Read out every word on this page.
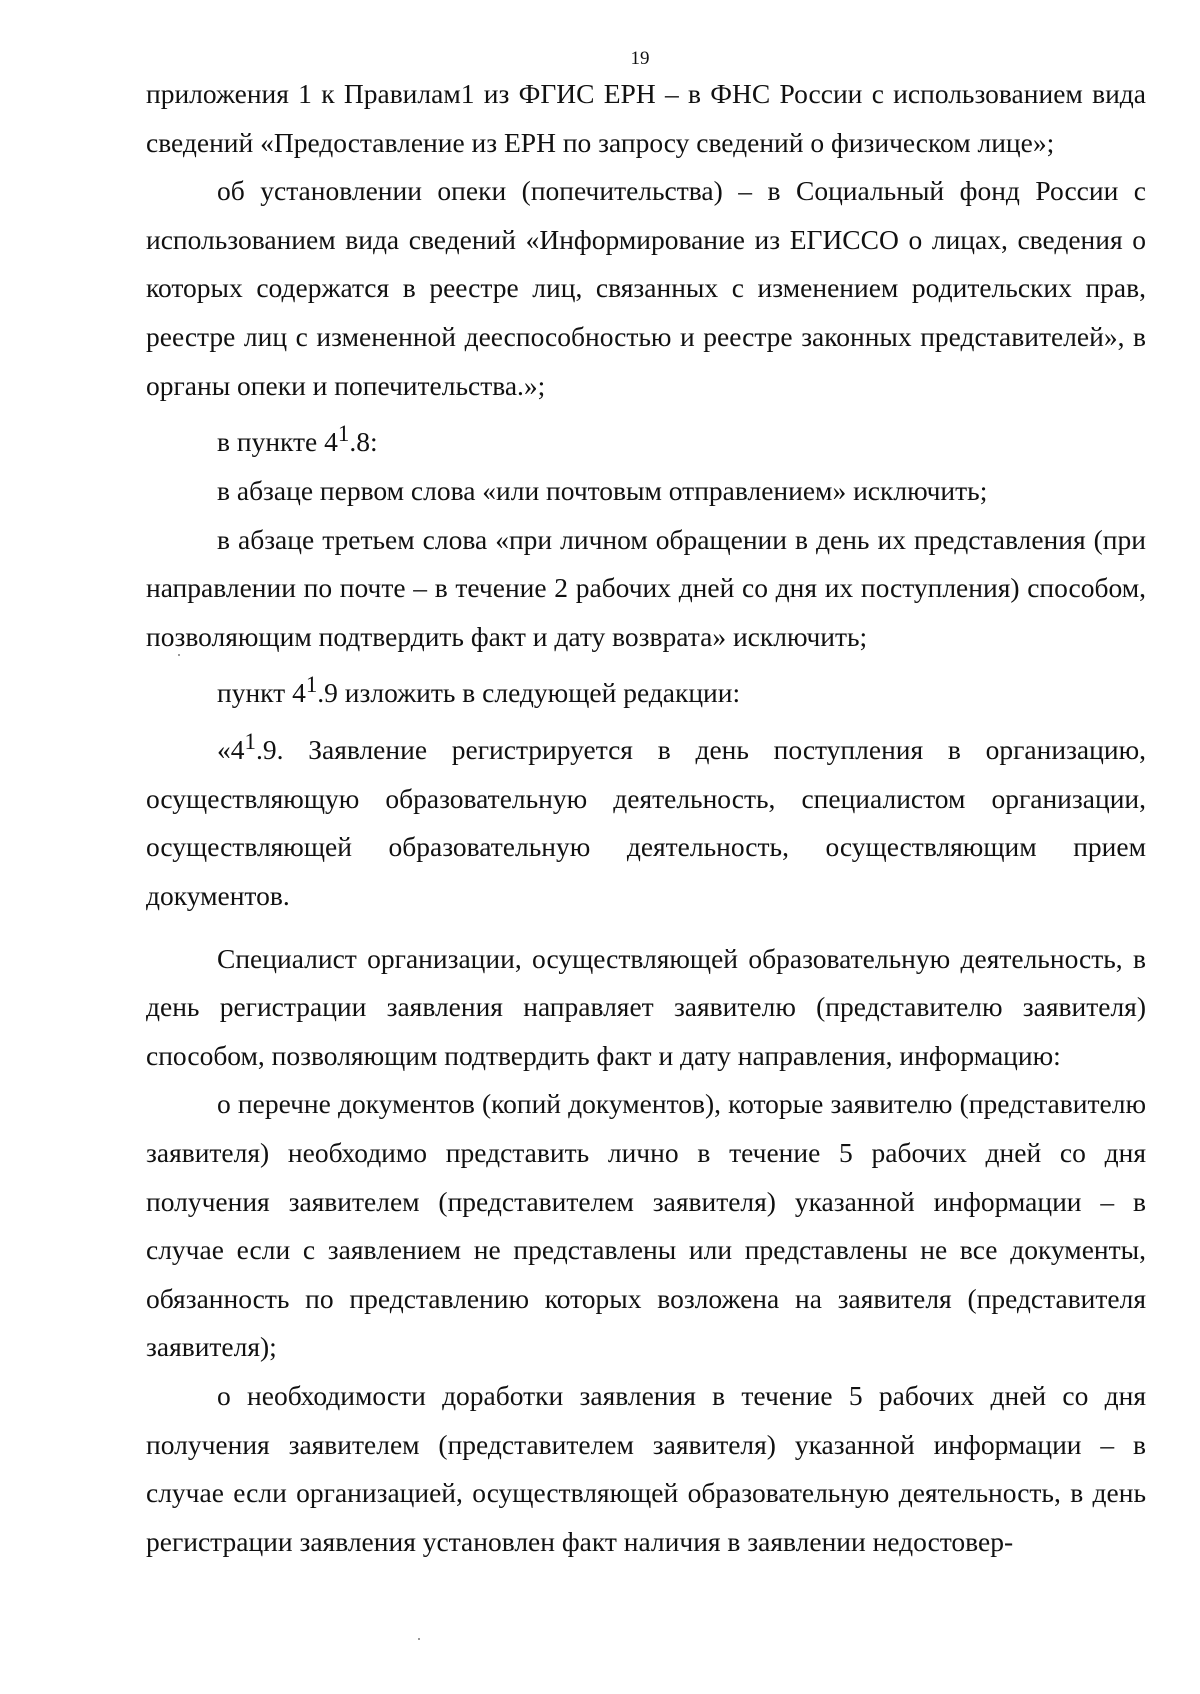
19

приложения 1 к Правилам1 из ФГИС ЕРН – в ФНС России с использованием вида сведений «Предоставление из ЕРН по запросу сведений о физическом лице»;

об установлении опеки (попечительства) – в Социальный фонд России с использованием вида сведений «Информирование из ЕГИССО о лицах, сведения о которых содержатся в реестре лиц, связанных с изменением родительских прав, реестре лиц с измененной дееспособностью и реестре законных представителей», в органы опеки и попечительства.»;

в пункте $4^1.8$:

в абзаце первом слова «или почтовым отправлением» исключить;

в абзаце третьем слова «при личном обращении в день их представления (при направлении по почте – в течение 2 рабочих дней со дня их поступления) способом, позволяющим подтвердить факт и дату возврата» исключить;

пункт $4^1.9$ изложить в следующей редакции:

«$4^1.9$. Заявление регистрируется в день поступления в организацию, осуществляющую образовательную деятельность, специалистом организации, осуществляющей образовательную деятельность, осуществляющим прием документов.

Специалист организации, осуществляющей образовательную деятельность, в день регистрации заявления направляет заявителю (представителю заявителя) способом, позволяющим подтвердить факт и дату направления, информацию:

о перечне документов (копий документов), которые заявителю (представителю заявителя) необходимо представить лично в течение 5 рабочих дней со дня получения заявителем (представителем заявителя) указанной информации – в случае если с заявлением не представлены или представлены не все документы, обязанность по представлению которых возложена на заявителя (представителя заявителя);

о необходимости доработки заявления в течение 5 рабочих дней со дня получения заявителем (представителем заявителя) указанной информации – в случае если организацией, осуществляющей образовательную деятельность, в день регистрации заявления установлен факт наличия в заявлении недостовер-
